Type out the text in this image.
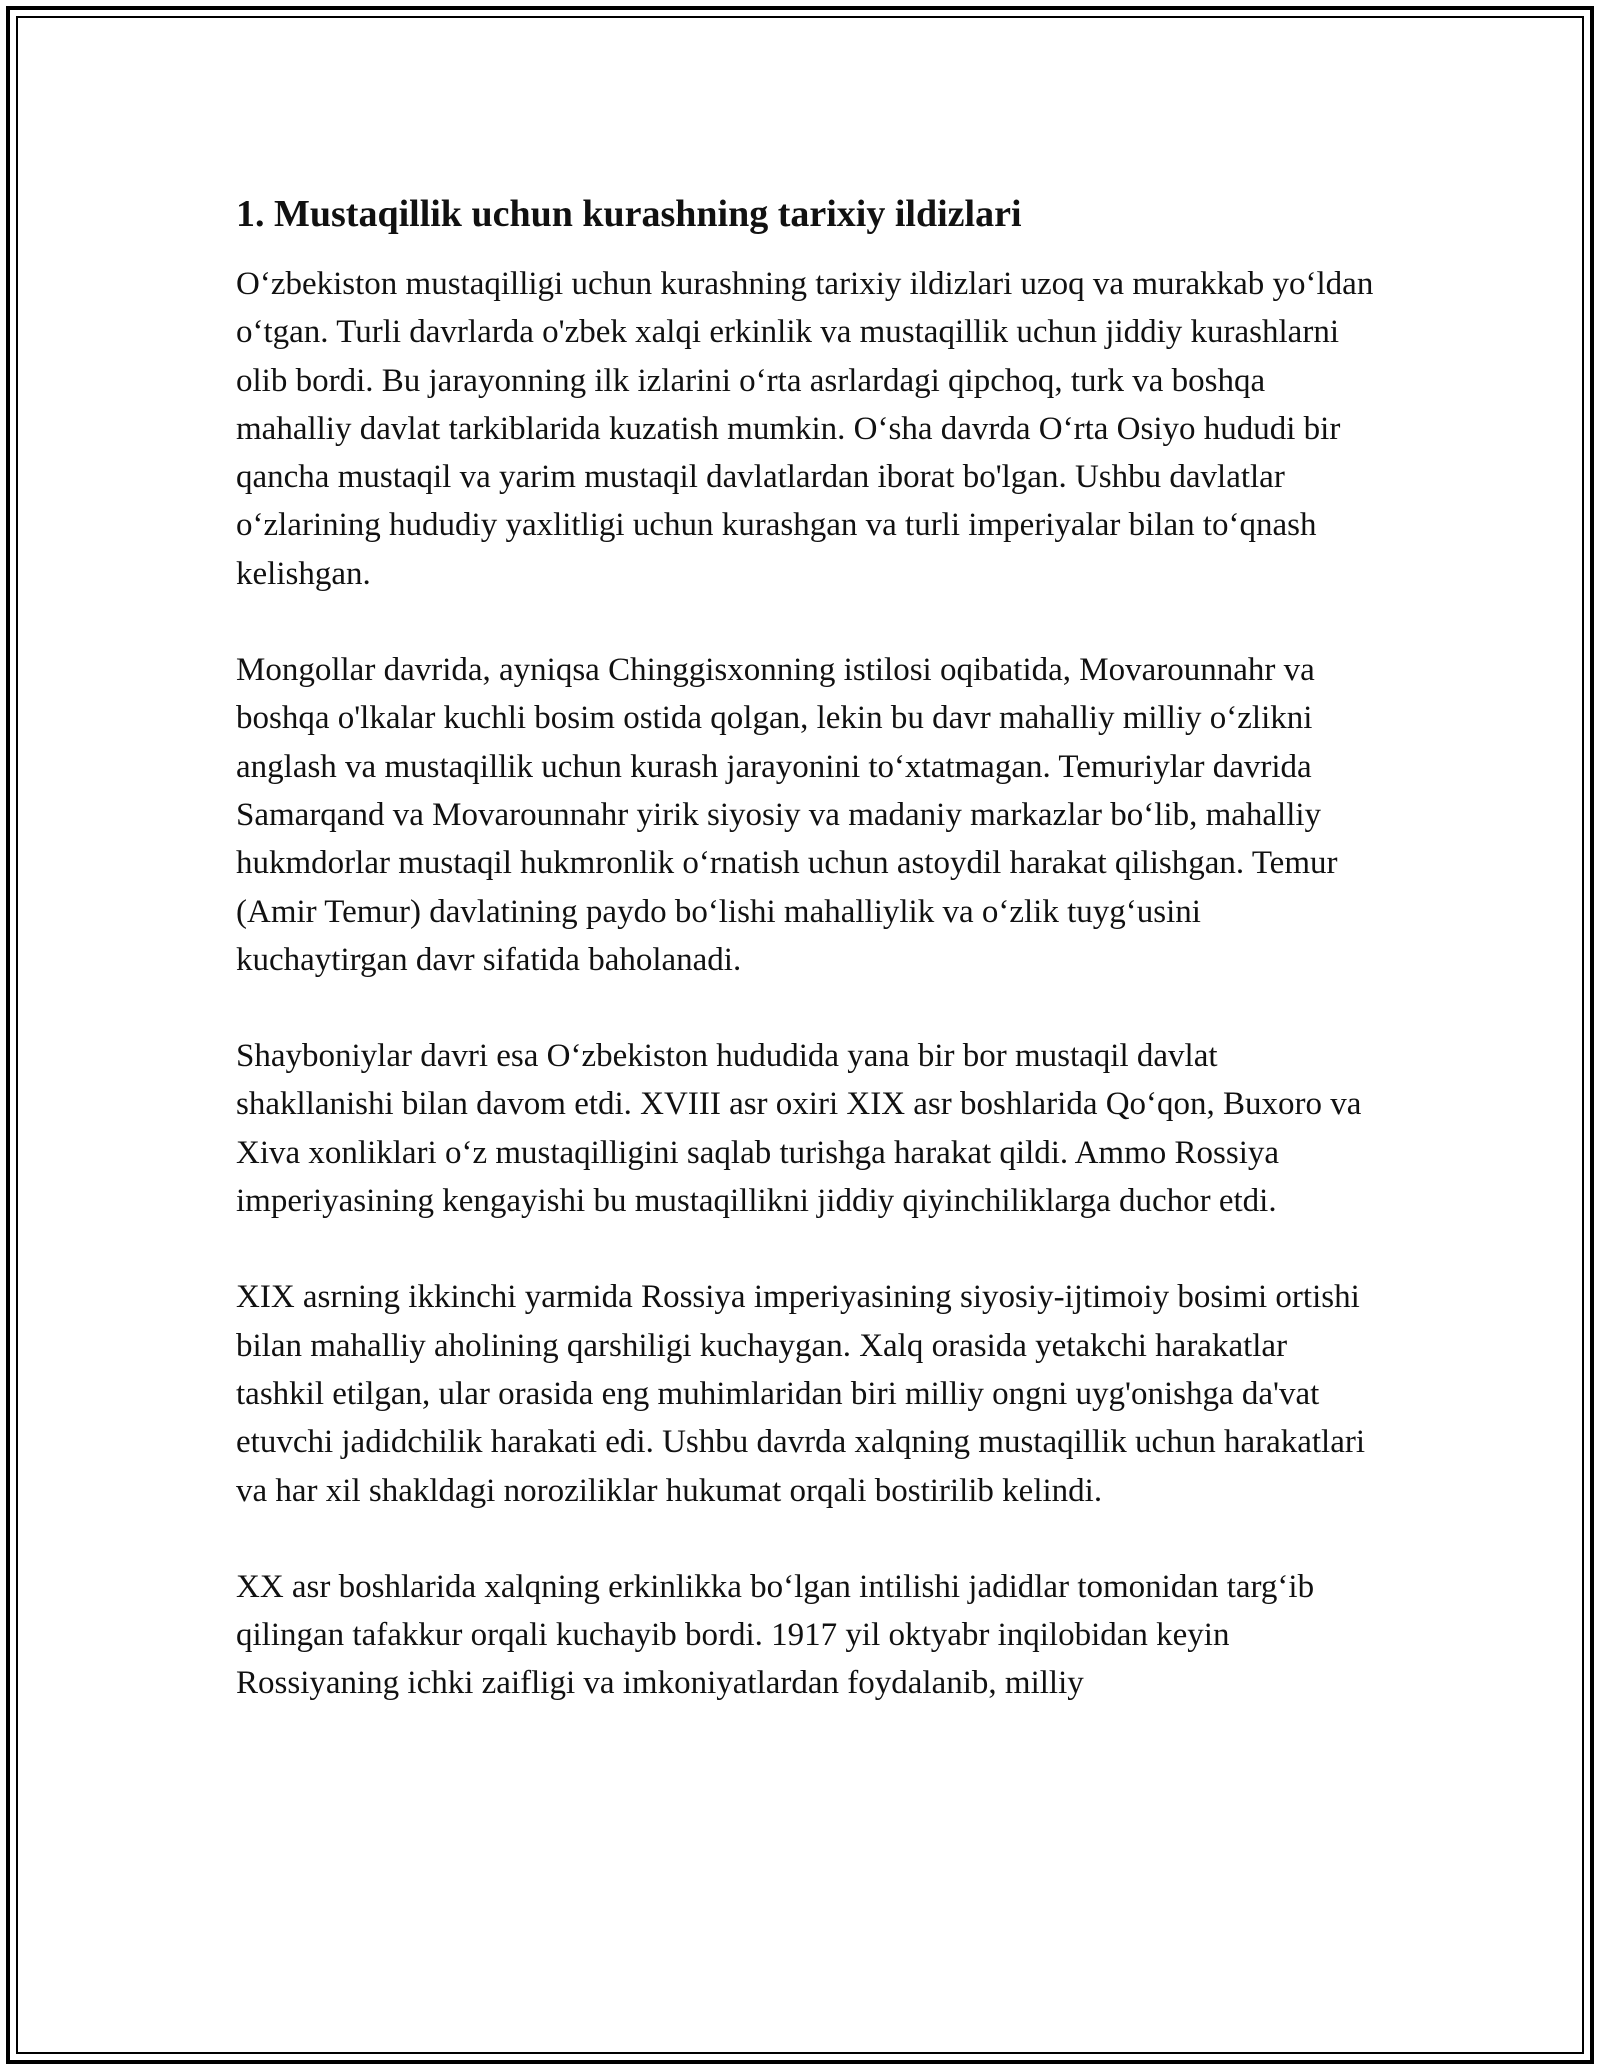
1. Mustaqillik uchun kurashning tarixiy ildizlari

O‘zbekiston mustaqilligi uchun kurashning tarixiy ildizlari uzoq va murakkab yo‘ldan o‘tgan. Turli davrlarda o'zbek xalqi erkinlik va mustaqillik uchun jiddiy kurashlarni olib bordi. Bu jarayonning ilk izlarini o‘rta asrlardagi qipchoq, turk va boshqa mahalliy davlat tarkiblarida kuzatish mumkin. O‘sha davrda O‘rta Osiyo hududi bir qancha mustaqil va yarim mustaqil davlatlardan iborat bo'lgan. Ushbu davlatlar o‘zlarining hududiy yaxlitligi uchun kurashgan va turli imperiyalar bilan to‘qnash kelishgan.

Mongollar davrida, ayniqsa Chinggisxonning istilosi oqibatida, Movarounnahr va boshqa o'lkalar kuchli bosim ostida qolgan, lekin bu davr mahalliy milliy o‘zlikni anglash va mustaqillik uchun kurash jarayonini to‘xtatmagan. Temuriylar davrida Samarqand va Movarounnahr yirik siyosiy va madaniy markazlar bo‘lib, mahalliy hukmdorlar mustaqil hukmronlik o‘rnatish uchun astoydil harakat qilishgan. Temur (Amir Temur) davlatining paydo bo‘lishi mahalliylik va o‘zlik tuyg‘usini kuchaytirgan davr sifatida baholanadi.

Shayboniylar davri esa O‘zbekiston hududida yana bir bor mustaqil davlat shakllanishi bilan davom etdi. XVIII asr oxiri XIX asr boshlarida Qo‘qon, Buxoro va Xiva xonliklari o‘z mustaqilligini saqlab turishga harakat qildi. Ammo Rossiya imperiyasining kengayishi bu mustaqillikni jiddiy qiyinchiliklarga duchor etdi.

XIX asrning ikkinchi yarmida Rossiya imperiyasining siyosiy-ijtimoiy bosimi ortishi bilan mahalliy aholining qarshiligi kuchaygan. Xalq orasida yetakchi harakatlar tashkil etilgan, ular orasida eng muhimlaridan biri milliy ongni uyg'onishga da'vat etuvchi jadidchilik harakati edi. Ushbu davrda xalqning mustaqillik uchun harakatlari va har xil shakldagi noroziliklar hukumat orqali bostirilib kelindi.

XX asr boshlarida xalqning erkinlikka bo‘lgan intilishi jadidlar tomonidan targ‘ib qilingan tafakkur orqali kuchayib bordi. 1917 yil oktyabr inqilobidan keyin Rossiyaning ichki zaifligi va imkoniyatlardan foydalanib, milliy
